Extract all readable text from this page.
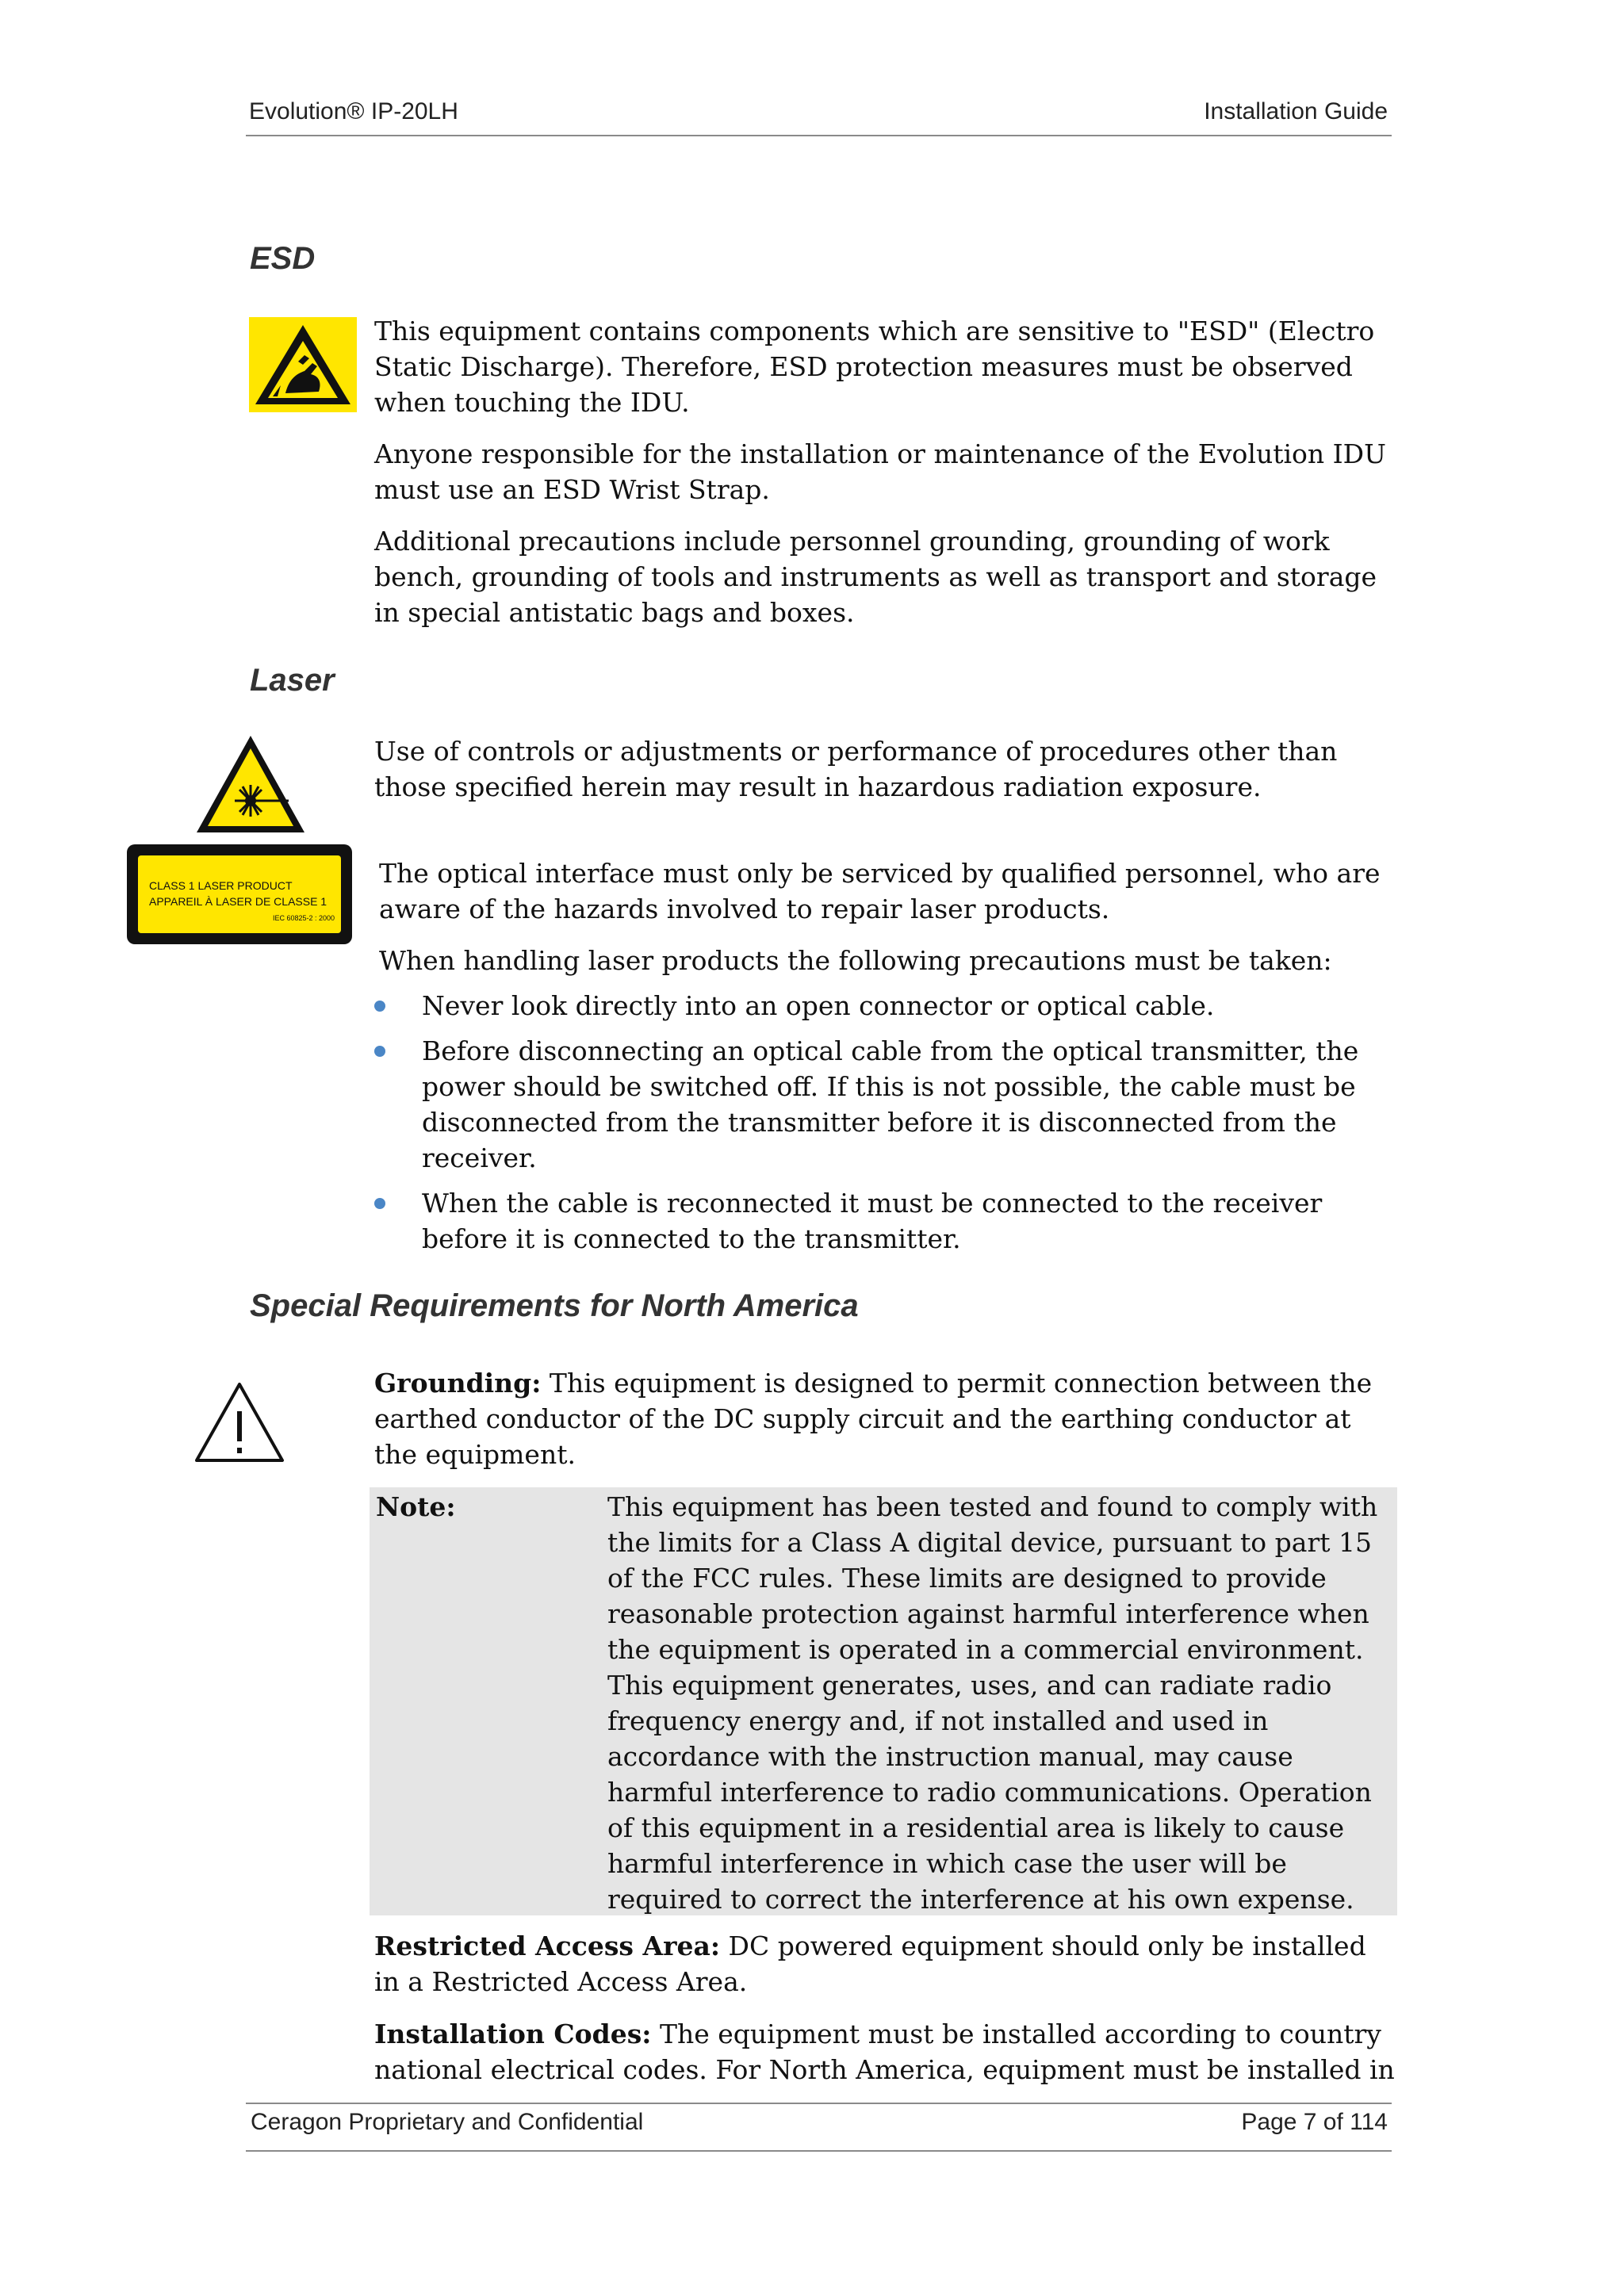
Evolution® IP-20LH	Installation Guide
ESD

This equipment contains components which are sensitive to "ESD" (Electro Static Discharge). Therefore, ESD protection measures must be observed when touching the IDU.

Anyone responsible for the installation or maintenance of the Evolution IDU must use an ESD Wrist Strap.

Additional precautions include personnel grounding, grounding of work bench, grounding of tools and instruments as well as transport and storage in special antistatic bags and boxes.

Laser
Use of controls or adjustments or performance of procedures other than those specified herein may result in hazardous radiation exposure.
CLASS 1 LASER PRODUCT
APPAREIL À LASER DE CLASSE 1
IEC 60825-2 : 2000

The optical interface must only be serviced by qualified personnel, who are aware of the hazards involved to repair laser products.

When handling laser products the following precautions must be taken:

Never look directly into an open connector or optical cable.
Before disconnecting an optical cable from the optical transmitter, the power should be switched off. If this is not possible, the cable must be disconnected from the transmitter before it is disconnected from the receiver.
When the cable is reconnected it must be connected to the receiver before it is connected to the transmitter.
Special Requirements for North America

Grounding: This equipment is designed to permit connection between the earthed conductor of the DC supply circuit and the earthing conductor at the equipment.

Note:	This equipment has been tested and found to comply with the limits for a Class A digital device, pursuant to part 15 of the FCC rules. These limits are designed to provide reasonable protection against harmful interference when the equipment is operated in a commercial environment. This equipment generates, uses, and can radiate radio frequency energy and, if not installed and used in accordance with the instruction manual, may cause harmful interference to radio communications. Operation of this equipment in a residential area is likely to cause harmful interference in which case the user will be required to correct the interference at his own expense.

Restricted Access Area: DC powered equipment should only be installed in a Restricted Access Area.

Installation Codes: The equipment must be installed according to country national electrical codes. For North America, equipment must be installed in

Ceragon Proprietary and Confidential	Page 7 of 114
